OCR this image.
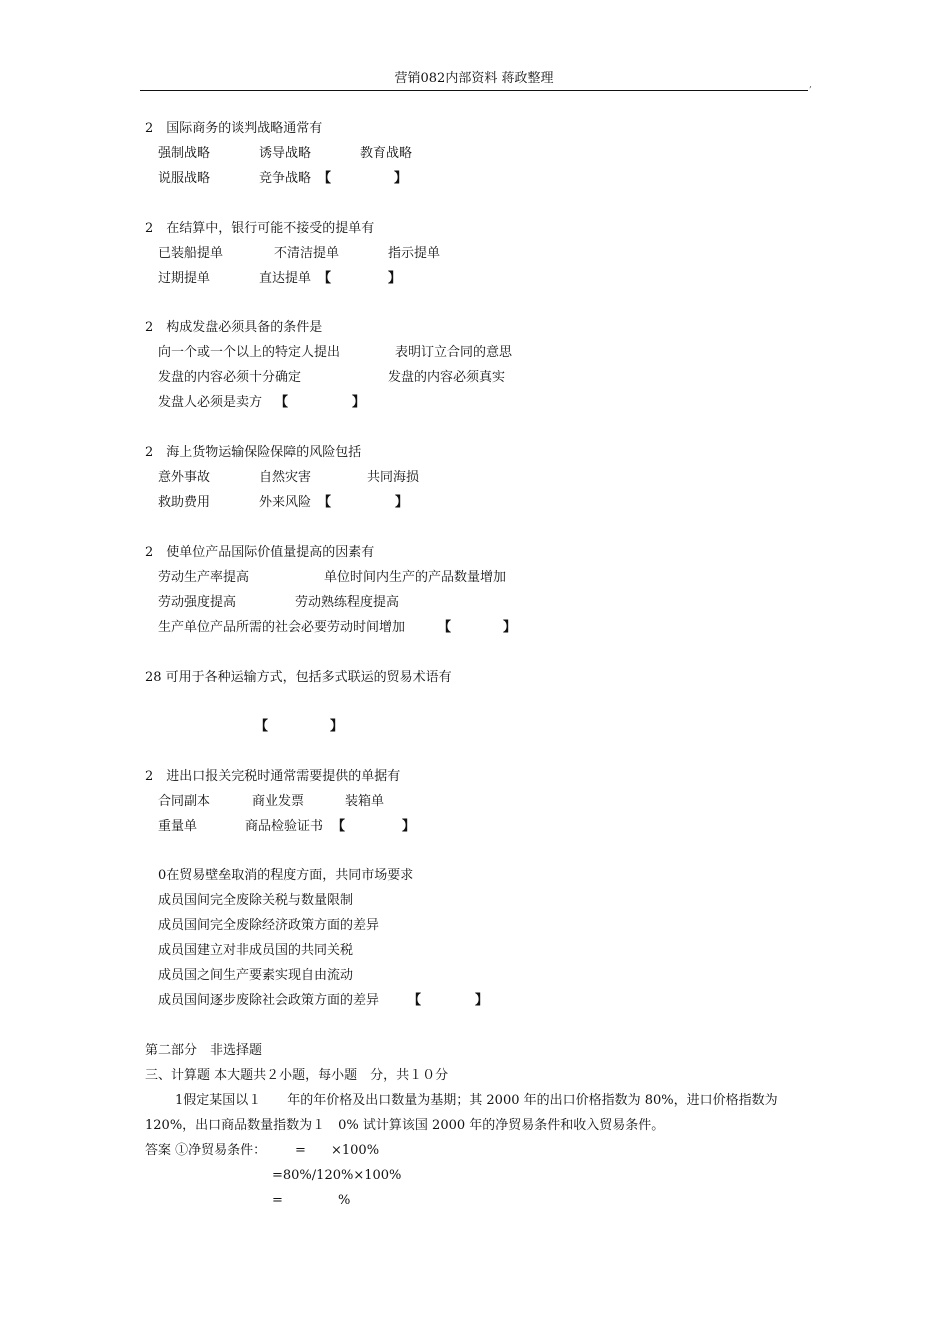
营销082内部资料 蒋政整理	,
2　国际商务的谈判战略通常有
强制战略	诱导战略	教育战略
说服战略	竞争战略 【	】
2　在结算中，银行可能不接受的提单有
已装船提单	不清洁提单	指示提单
过期提单	直达提单 【	】
2　构成发盘必须具备的条件是
向一个或一个以上的特定人提出	表明订立合同的意思
发盘的内容必须十分确定	发盘的内容必须真实
发盘人必须是卖方 【	】
2　海上货物运输保险保障的风险包括
意外事故	自然灾害	共同海损
救助费用	外来风险 【	】
2　使单位产品国际价值量提高的因素有
劳动生产率提高	单位时间内生产的产品数量增加
劳动强度提高	劳动熟练程度提高
生产单位产品所需的社会必要劳动时间增加	【	】
28 可用于各种运输方式，包括多式联运的贸易术语有
【	】
2　进出口报关完税时通常需要提供的单据有
合同副本	商业发票	装箱单
重量单	商品检验证书 【	】
0在贸易壁垒取消的程度方面，共同市场要求
成员国间完全废除关税与数量限制
成员国间完全废除经济政策方面的差异
成员国建立对非成员国的共同关税
成员国之间生产要素实现自由流动
成员国间逐步废除社会政策方面的差异 【	】
第二部分　非选择题
三、计算题 本大题共２小题，每小题　分，共１０分
1假定某国以１　　年的年价格及出口数量为基期；其 2000 年的出口价格指数为 80%，进口价格指数为
120%，出口商品数量指数为１　0% 试计算该国 2000 年的净贸易条件和收入贸易条件。
答案 ①净贸易条件： = ×100%
=80%/120%×100%
=	%
